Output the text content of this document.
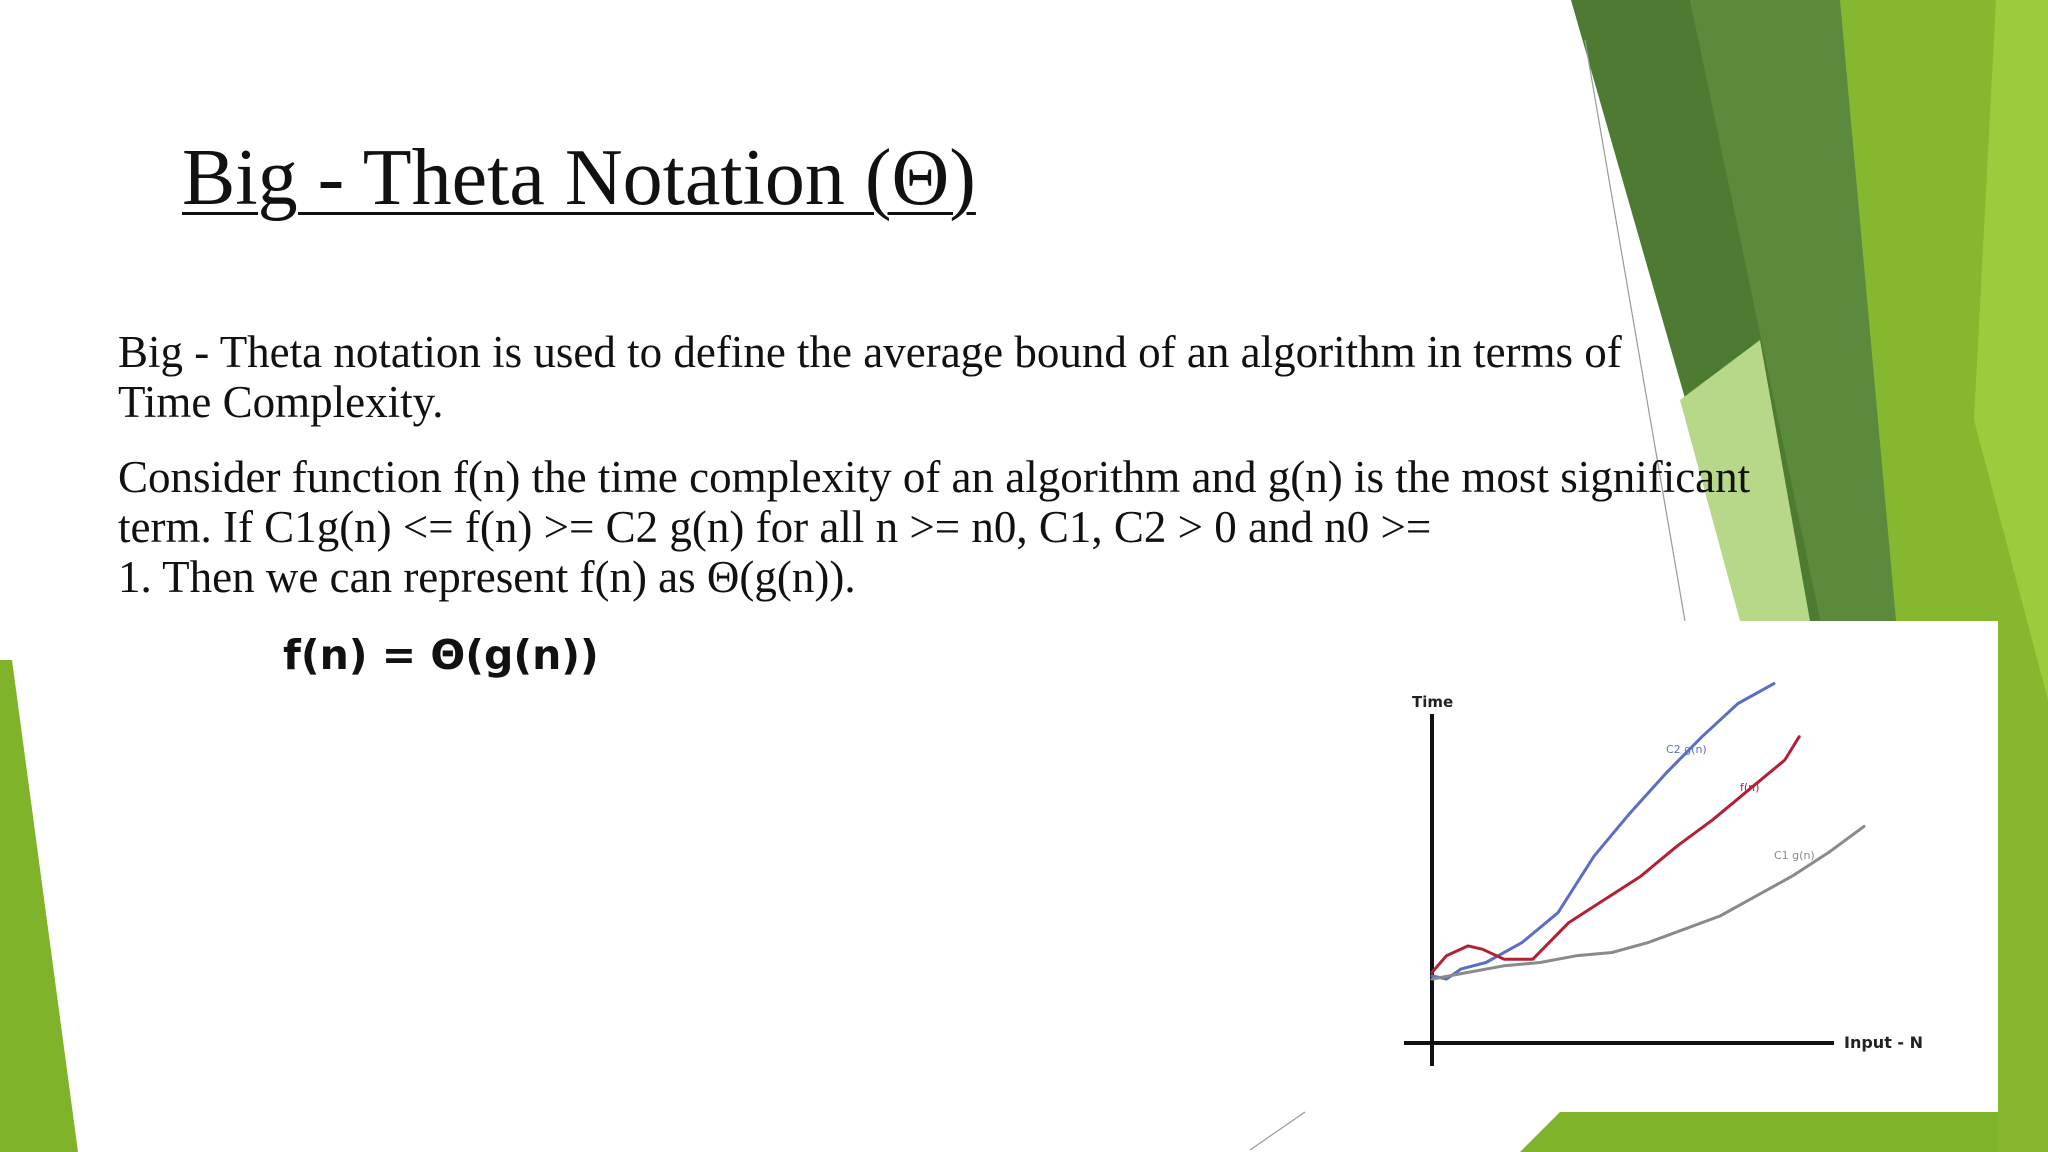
Big - Theta Notation (Θ)

Big - Theta notation is used to define the average bound of an algorithm in terms of
Time Complexity.

Consider function f(n) the time complexity of an algorithm and g(n) is the most significant
term. If C1g(n) <= f(n) >= C2 g(n) for all n >= n0, C1, C2 > 0 and n0 >=
1. Then we can represent f(n) as Θ(g(n)).

f(n) = Θ(g(n))

Time

Input - N

C2 g(n)

f(n)

C1 g(n)
